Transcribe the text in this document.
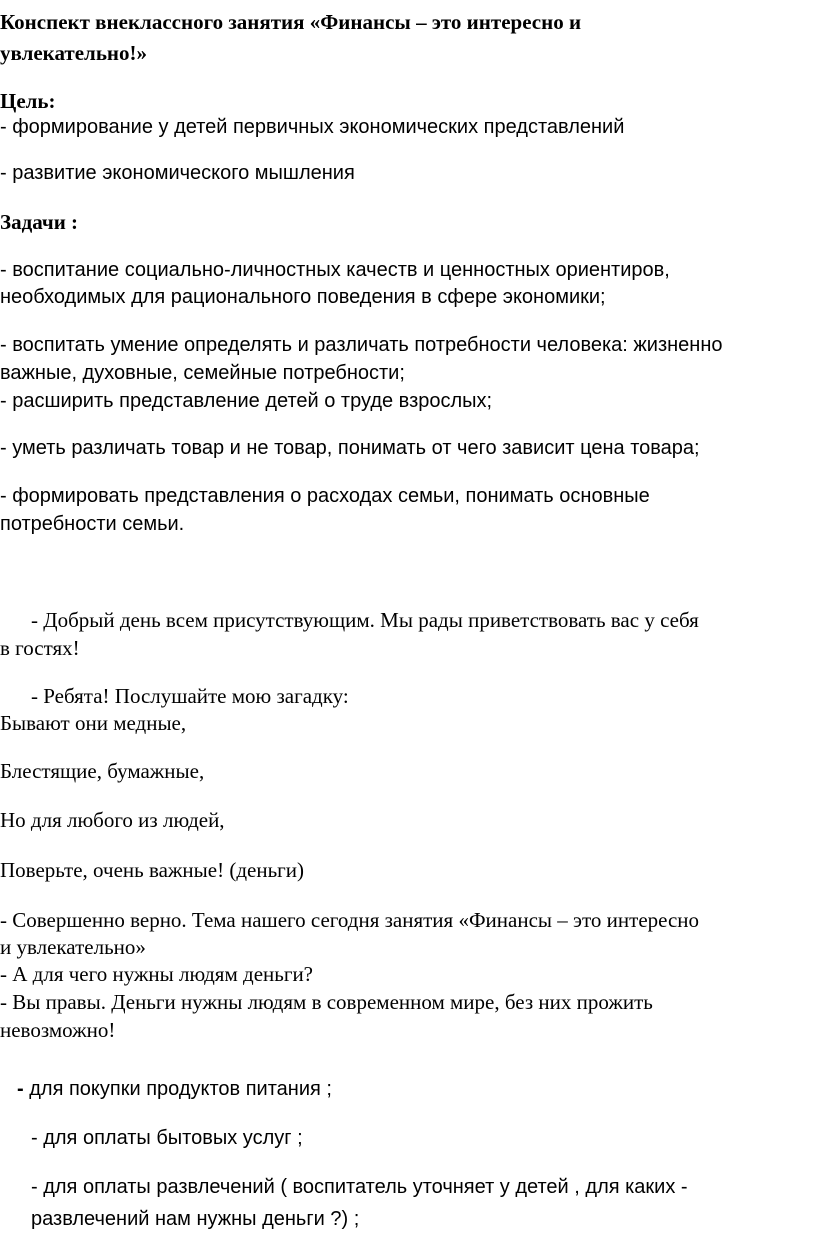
Конспект внеклассного занятия «Финансы – это интересно и

увлекательно!»

Цель:

- формирование у детей первичных экономических представлений

- развитие экономического мышления

Задачи :

- воспитание социально-личностных качеств и ценностных ориентиров,

необходимых для рационального поведения в сфере экономики;

- воспитать умение определять и различать потребности человека: жизненно

важные, духовные, семейные потребности;

- расширить представление детей о труде взрослых;

- уметь различать товар и не товар, понимать от чего зависит цена товара;

- формировать представления о расходах семьи, понимать основные

потребности семьи.

- Добрый день всем присутствующим. Мы рады приветствовать вас у себя

в гостях!

- Ребята! Послушайте мою загадку:

Бывают они медные,

Блестящие, бумажные,

Но для любого из людей,

Поверьте, очень важные! (деньги)

- Совершенно верно. Тема нашего сегодня занятия «Финансы – это интересно

и увлекательно»

- А для чего нужны людям деньги?

- Вы правы. Деньги нужны людям в современном мире, без них прожить

невозможно!

- для покупки продуктов питания ;

- для оплаты бытовых услуг ;

- для оплаты развлечений ( воспитатель уточняет у детей , для каких -

развлечений нам нужны деньги ?) ;
